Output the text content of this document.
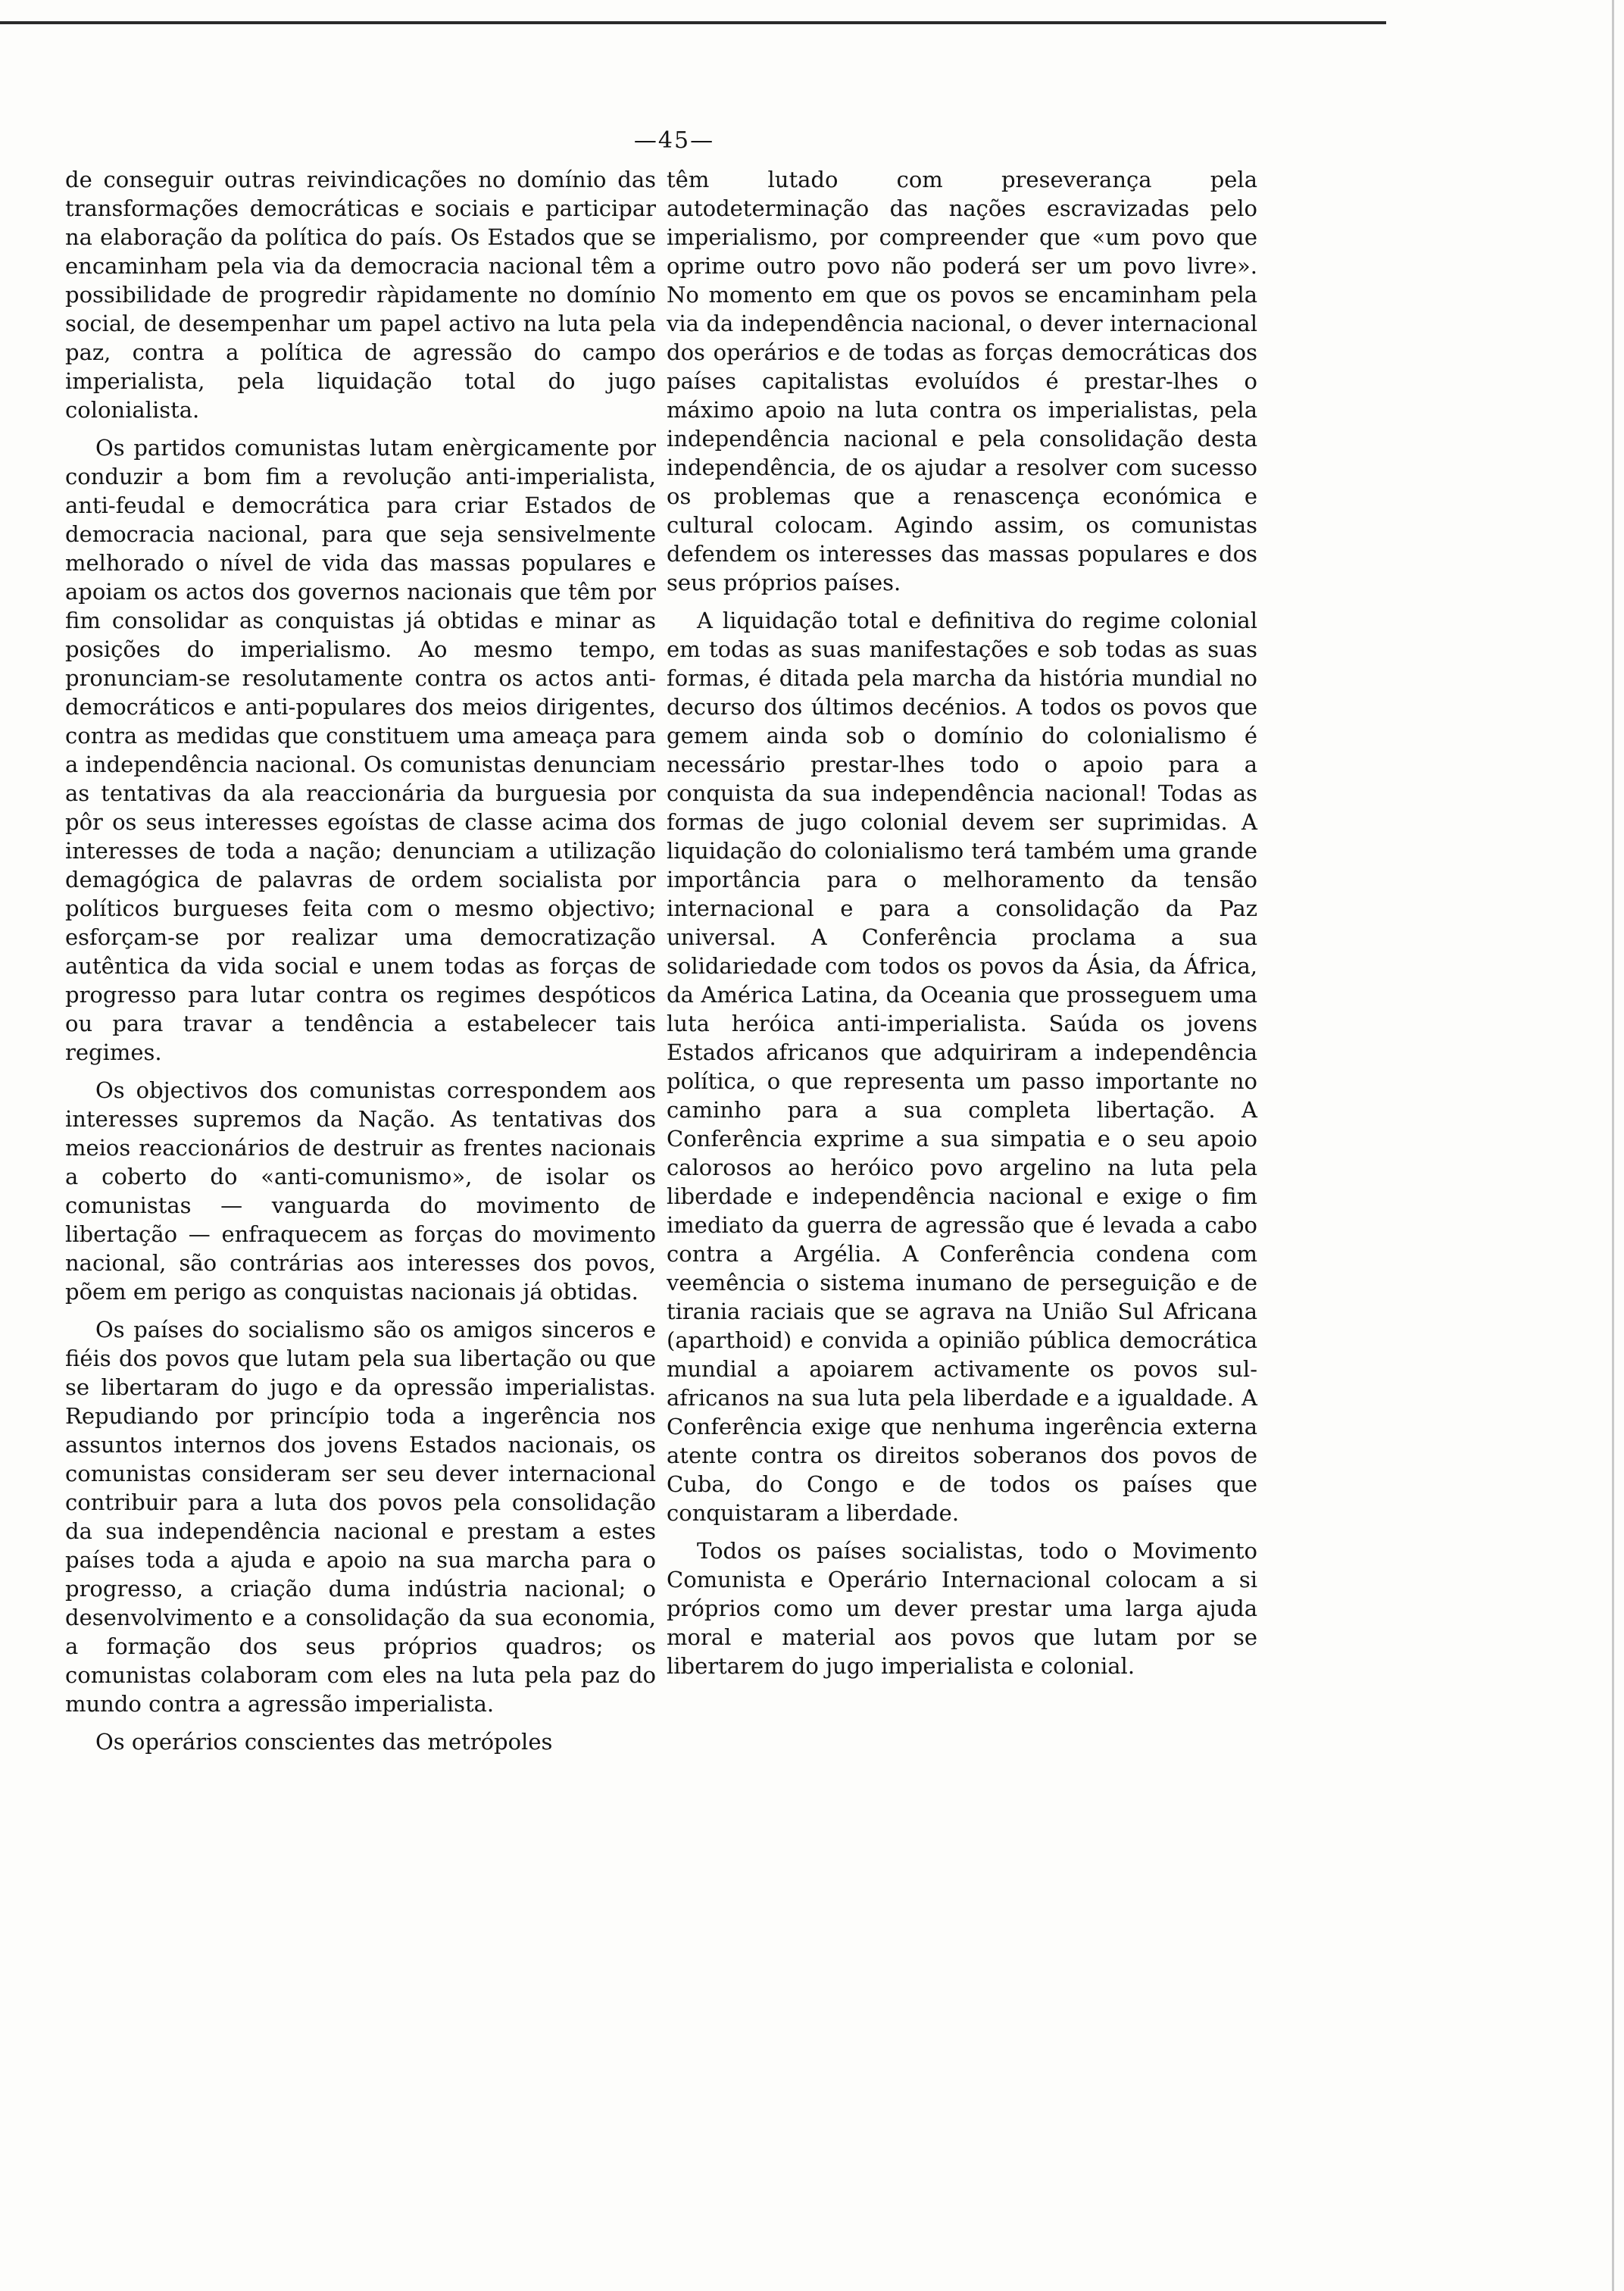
—45—

de conseguir outras reivindicações no domínio das transformações democráticas e sociais e participar na elaboração da política do país. Os Estados que se encaminham pela via da democracia nacional têm a possibilidade de progredir ràpidamente no domínio social, de desempenhar um papel activo na luta pela paz, contra a política de agressão do campo imperialista, pela liquidação total do jugo colonialista.

Os partidos comunistas lutam enèrgicamente por conduzir a bom fim a revolução anti-imperialista, anti-feudal e democrática para criar Estados de democracia nacional, para que seja sensivelmente melhorado o nível de vida das massas populares e apoiam os actos dos governos nacionais que têm por fim consolidar as conquistas já obtidas e minar as posições do imperialismo. Ao mesmo tempo, pronunciam-se resolutamente contra os actos anti-democráticos e anti-populares dos meios dirigentes, contra as medidas que constituem uma ameaça para a independência nacional. Os comunistas denunciam as tentativas da ala reaccionária da burguesia por pôr os seus interesses egoístas de classe acima dos interesses de toda a nação; denunciam a utilização demagógica de palavras de ordem socialista por políticos burgueses feita com o mesmo objectivo; esforçam-se por realizar uma democratização autêntica da vida social e unem todas as forças de progresso para lutar contra os regimes despóticos ou para travar a tendência a estabelecer tais regimes.

Os objectivos dos comunistas correspondem aos interesses supremos da Nação. As tentativas dos meios reaccionários de destruir as frentes nacionais a coberto do «anti-comunismo», de isolar os comunistas — vanguarda do movimento de libertação — enfraquecem as forças do movimento nacional, são contrárias aos interesses dos povos, põem em perigo as conquistas nacionais já obtidas.

Os países do socialismo são os amigos sinceros e fiéis dos povos que lutam pela sua libertação ou que se libertaram do jugo e da opressão imperialistas. Repudiando por princípio toda a ingerência nos assuntos internos dos jovens Estados nacionais, os comunistas consideram ser seu dever internacional contribuir para a luta dos povos pela consolidação da sua independência nacional e prestam a estes países toda a ajuda e apoio na sua marcha para o progresso, a criação duma indústria nacional; o desenvolvimento e a consolidação da sua economia, a formação dos seus próprios quadros; os comunistas colaboram com eles na luta pela paz do mundo contra a agressão imperialista.

Os operários conscientes das metrópoles

têm lutado com preseverança pela autodeterminação das nações escravizadas pelo imperialismo, por compreender que «um povo que oprime outro povo não poderá ser um povo livre». No momento em que os povos se encaminham pela via da independência nacional, o dever internacional dos operários e de todas as forças democráticas dos países capitalistas evoluídos é prestar-lhes o máximo apoio na luta contra os imperialistas, pela independência nacional e pela consolidação desta independência, de os ajudar a resolver com sucesso os problemas que a renascença económica e cultural colocam. Agindo assim, os comunistas defendem os interesses das massas populares e dos seus próprios países.

A liquidação total e definitiva do regime colonial em todas as suas manifestações e sob todas as suas formas, é ditada pela marcha da história mundial no decurso dos últimos decénios. A todos os povos que gemem ainda sob o domínio do colonialismo é necessário prestar-lhes todo o apoio para a conquista da sua independência nacional! Todas as formas de jugo colonial devem ser suprimidas. A liquidação do colonialismo terá também uma grande importância para o melhoramento da tensão internacional e para a consolidação da Paz universal. A Conferência proclama a sua solidariedade com todos os povos da Ásia, da África, da América Latina, da Oceania que prosseguem uma luta heróica anti-imperialista. Saúda os jovens Estados africanos que adquiriram a independência política, o que representa um passo importante no caminho para a sua completa libertação. A Conferência exprime a sua simpatia e o seu apoio calorosos ao heróico povo argelino na luta pela liberdade e independência nacional e exige o fim imediato da guerra de agressão que é levada a cabo contra a Argélia. A Conferência condena com veemência o sistema inumano de perseguição e de tirania raciais que se agrava na União Sul Africana (aparthoid) e convida a opinião pública democrática mundial a apoiarem activamente os povos sul-africanos na sua luta pela liberdade e a igualdade. A Conferência exige que nenhuma ingerência externa atente contra os direitos soberanos dos povos de Cuba, do Congo e de todos os países que conquistaram a liberdade.

Todos os países socialistas, todo o Movimento Comunista e Operário Internacional colocam a si próprios como um dever prestar uma larga ajuda moral e material aos povos que lutam por se libertarem do jugo imperialista e colonial.
